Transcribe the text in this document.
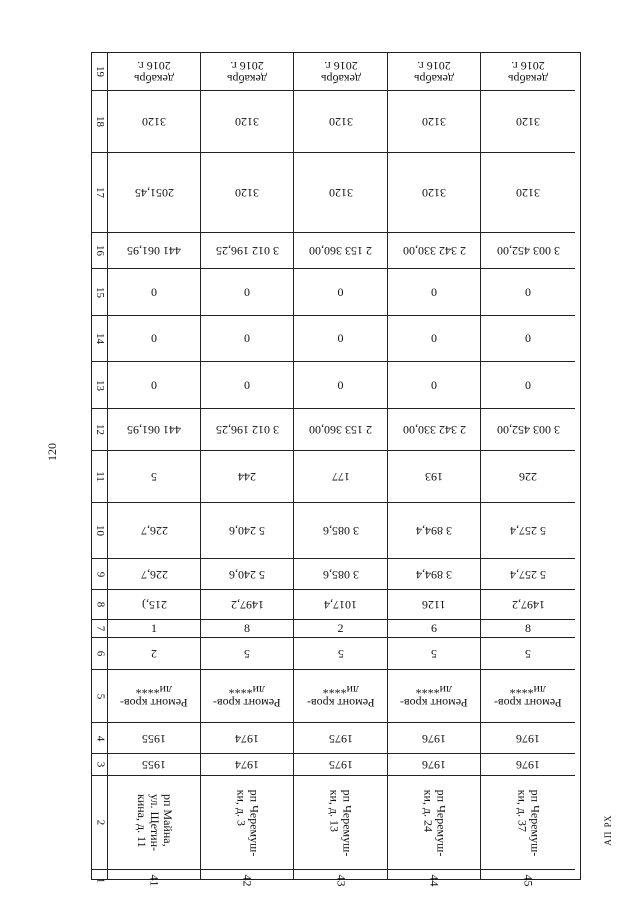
120
АП РХ
19
18
17
16
15
14
13
12
11
10
9
8
7
6
5
4
3
2
1	41
рп Майна,
ул. Щетин-
кина, д. 11
1955
1955
Ремонт кров-
ли****
2
1
215,)
226,7
226,7
5
441 061,95
0
0
0
441 061,95
2051,45
3120
декабрь
2016 г.
42
рп Черемуш-
ки, д. 3
1974
1974
Ремонт кров-
ли****
5
8
1497,2
5 240,6
5 240,6
244
3 012 196,25
0
0
0
3 012 196,25
3120
3120
декабрь
2016 г.
43
рп Черемуш-
ки, д. 13
1975
1975
Ремонт кров-
ли****
5
2
1017,4
3 085,6
3 085,6
177
2 153 360,00
0
0
0
2 153 360,00
3120
3120
декабрь
2016 г.
44
рп Черемуш-
ки, д. 24
1976
1976
Ремонт кров-
ли****
5
6
1126
3 894,4
3 894,4
193
2 342 330,00
0
0
0
2 342 330,00
3120
3120
декабрь
2016 г.
45
рп Черемуш-
ки, д. 37
1976
1976
Ремонт кров-
ли****
5
8
1497,2
5 257,4
5 257,4
226
3 003 452,00
0
0
0
3 003 452,00
3120
3120
декабрь
2016 г.
